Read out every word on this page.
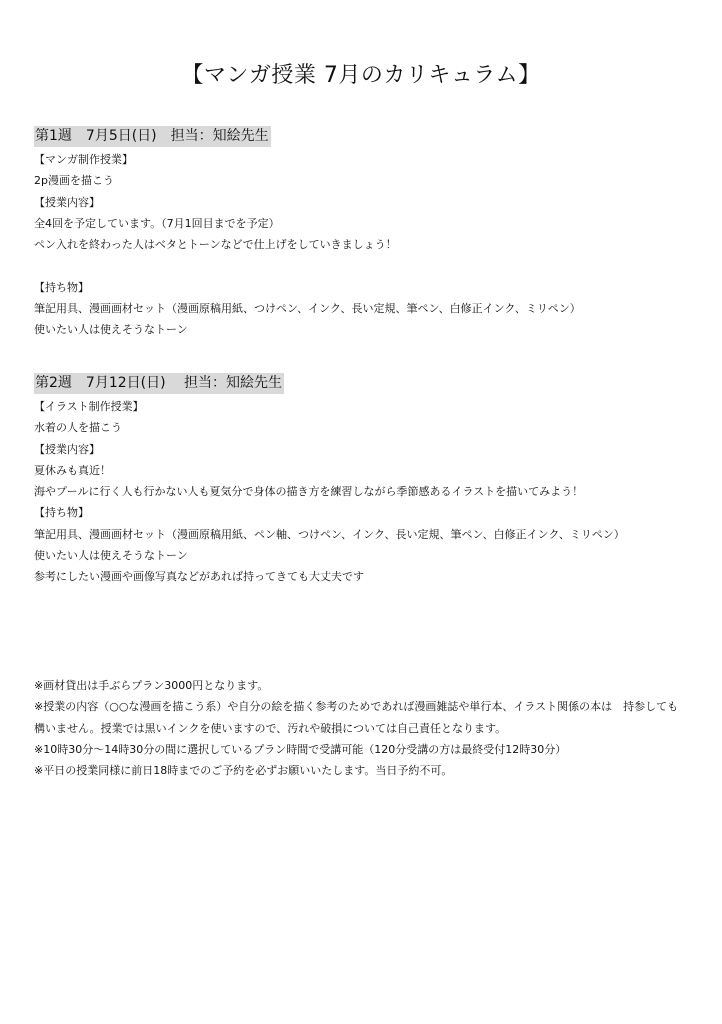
【マンガ授業 7月のカリキュラム】
第1週　7月5日(日)　担当：知絵先生
【マンガ制作授業】
2p漫画を描こう
【授業内容】
全4回を予定しています。（7月1回目までを予定）
ペン入れを終わった人はベタとトーンなどで仕上げをしていきましょう！
【持ち物】
筆記用具、漫画画材セット（漫画原稿用紙、つけペン、インク、長い定規、筆ペン、白修正インク、ミリペン）
使いたい人は使えそうなトーン
第2週　7月12日(日)　 担当：知絵先生
【イラスト制作授業】
水着の人を描こう
【授業内容】
夏休みも真近！
海やプールに行く人も行かない人も夏気分で身体の描き方を練習しながら季節感あるイラストを描いてみよう！
【持ち物】
筆記用具、漫画画材セット（漫画原稿用紙、ペン軸、つけペン、インク、長い定規、筆ペン、白修正インク、ミリペン）
使いたい人は使えそうなトーン
参考にしたい漫画や画像写真などがあれば持ってきても大丈夫です
※画材貸出は手ぶらプラン3000円となります。
※授業の内容（○○な漫画を描こう系）や自分の絵を描く参考のためであれば漫画雑誌や単行本、イラスト関係の本は　持参しても構いません。授業では黒いインクを使いますので、汚れや破損については自己責任となります。
※10時30分〜14時30分の間に選択しているプラン時間で受講可能（120分受講の方は最終受付12時30分）
※平日の授業同様に前日18時までのご予約を必ずお願いいたします。当日予約不可。
